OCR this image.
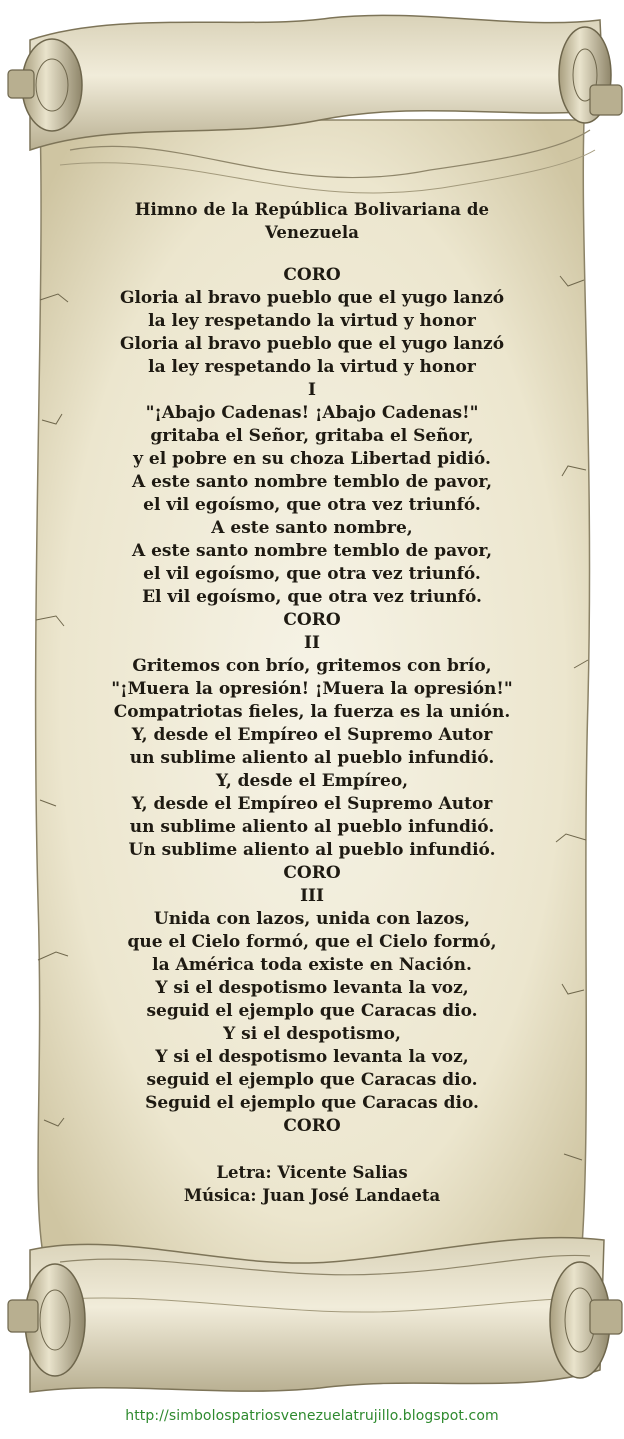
Himno de la República Bolivariana de
Venezuela
CORO
Gloria al bravo pueblo que el yugo lanzó
la ley respetando la virtud y honor
Gloria al bravo pueblo que el yugo lanzó
la ley respetando la virtud y honor
I
"¡Abajo Cadenas! ¡Abajo Cadenas!"
gritaba el Señor, gritaba el Señor,
y el pobre en su choza Libertad pidió.
A este santo nombre temblo de pavor,
el vil egoísmo, que otra vez triunfó.
A este santo nombre,
A este santo nombre temblo de pavor,
el vil egoísmo, que otra vez triunfó.
El vil egoísmo, que otra vez triunfó.
CORO
II
Gritemos con brío, gritemos con brío,
"¡Muera la opresión! ¡Muera la opresión!"
Compatriotas fieles, la fuerza es la unión.
Y, desde el Empíreo el Supremo Autor
un sublime aliento al pueblo infundió.
Y, desde el Empíreo,
Y, desde el Empíreo el Supremo Autor
un sublime aliento al pueblo infundió.
Un sublime aliento al pueblo infundió.
CORO
III
Unida con lazos, unida con lazos,
que el Cielo formó, que el Cielo formó,
la América toda existe en Nación.
Y si el despotismo levanta la voz,
seguid el ejemplo que Caracas dio.
Y si el despotismo,
Y si el despotismo levanta la voz,
seguid el ejemplo que Caracas dio.
Seguid el ejemplo que Caracas dio.
CORO
Letra: Vicente Salias
Música: Juan José Landaeta
http://simbolospatriosvenezuelatrujillo.blogspot.com
